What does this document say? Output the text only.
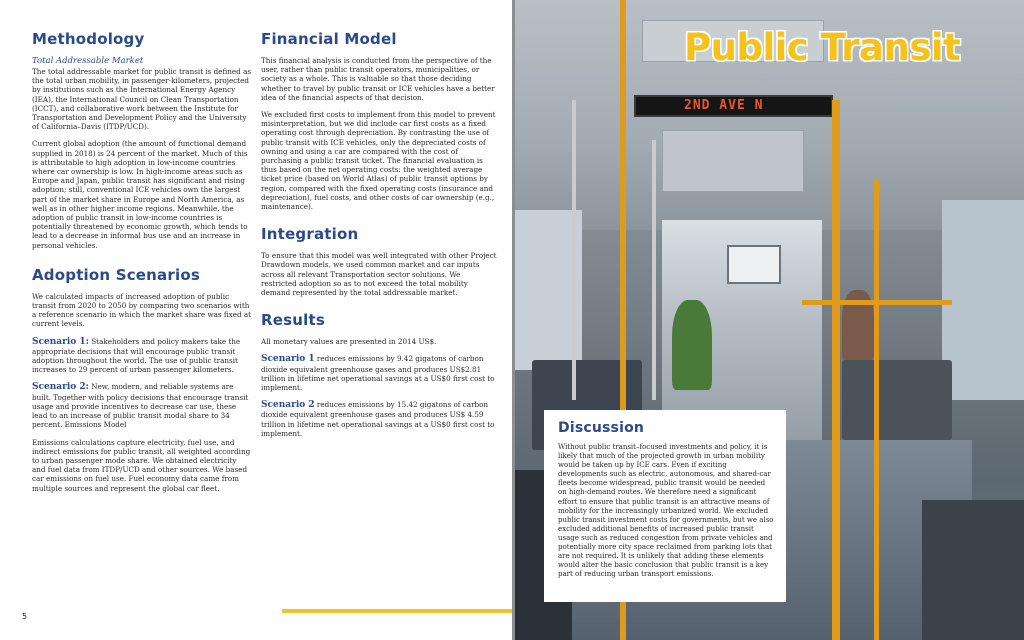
Methodology
Total Addressable Market

The total addressable market for public transit is defined as the total urban mobility, in passenger-kilometers, projected by institutions such as the International Energy Agency (IEA), the International Council on Clean Transportation (ICCT), and collaborative work between the Institute for Transportation and Development Policy and the University of California–Davis (ITDP/UCD).

Current global adoption (the amount of functional demand supplied in 2018) is 24 percent of the market. Much of this is attributable to high adoption in low-income countries where car ownership is low. In high-income areas such as Europe and Japan, public transit has significant and rising adoption; still, conventional ICE vehicles own the largest part of the market share in Europe and North America, as well as in other higher income regions. Meanwhile, the adoption of public transit in low-income countries is potentially threatened by economic growth, which tends to lead to a decrease in informal bus use and an increase in personal vehicles.

Adoption Scenarios

We calculated impacts of increased adoption of public transit from 2020 to 2050 by comparing two scenarios with a reference scenario in which the market share was fixed at current levels.

Scenario 1: Stakeholders and policy makers take the appropriate decisions that will encourage public transit adoption throughout the world. The use of public transit increases to 29 percent of urban passenger kilometers.

Scenario 2: New, modern, and reliable systems are built. Together with policy decisions that encourage transit usage and provide incentives to decrease car use, these lead to an increase of public transit modal share to 34 percent. Emissions Model

Emissions calculations capture electricity, fuel use, and indirect emissions for public transit, all weighted according to urban passenger mode share. We obtained electricity and fuel data from ITDP/UCD and other sources. We based car emissions on fuel use. Fuel economy data came from multiple sources and represent the global car fleet.

Financial Model

This financial analysis is conducted from the perspective of the user, rather than public transit operators, municipalities, or society as a whole. This is valuable so that those deciding whether to travel by public transit or ICE vehicles have a better idea of the financial aspects of that decision.

We excluded first costs to implement from this model to prevent misinterpretation, but we did include car first costs as a fixed operating cost through depreciation. By contrasting the use of public transit with ICE vehicles, only the depreciated costs of owning and using a car are compared with the cost of purchasing a public transit ticket. The financial evaluation is thus based on the net operating costs: the weighted average ticket price (based on World Atlas) of public transit options by region, compared with the fixed operating costs (insurance and depreciation), fuel costs, and other costs of car ownership (e.g., maintenance).

Integration

To ensure that this model was well integrated with other Project Drawdown models, we used common market and car inputs across all relevant Transportation sector solutions. We restricted adoption so as to not exceed the total mobility demand represented by the total addressable market.

Results

All monetary values are presented in 2014 US$.

Scenario 1 reduces emissions by 9.42 gigatons of carbon dioxide equivalent greenhouse gases and produces US$2.81 trillion in lifetime net operational savings at a US$0 first cost to implement.

Scenario 2 reduces emissions by 15.42 gigatons of carbon dioxide equivalent greenhouse gases and produces US$ 4.59 trillion in lifetime net operational savings at a US$0 first cost to implement.

5
2ND AVE N
Public Transit
Discussion

Without public transit–focused investments and policy, it is likely that much of the projected growth in urban mobility would be taken up by ICE cars. Even if exciting developments such as electric, autonomous, and shared-car fleets become widespread, public transit would be needed on high-demand routes. We therefore need a significant effort to ensure that public transit is an attractive means of mobility for the increasingly urbanized world. We excluded public transit investment costs for governments, but we also excluded additional benefits of increased public transit usage such as reduced congestion from private vehicles and potentially more city space reclaimed from parking lots that are not required. It is unlikely that adding these elements would alter the basic conclusion that public transit is a key part of reducing urban transport emissions.
